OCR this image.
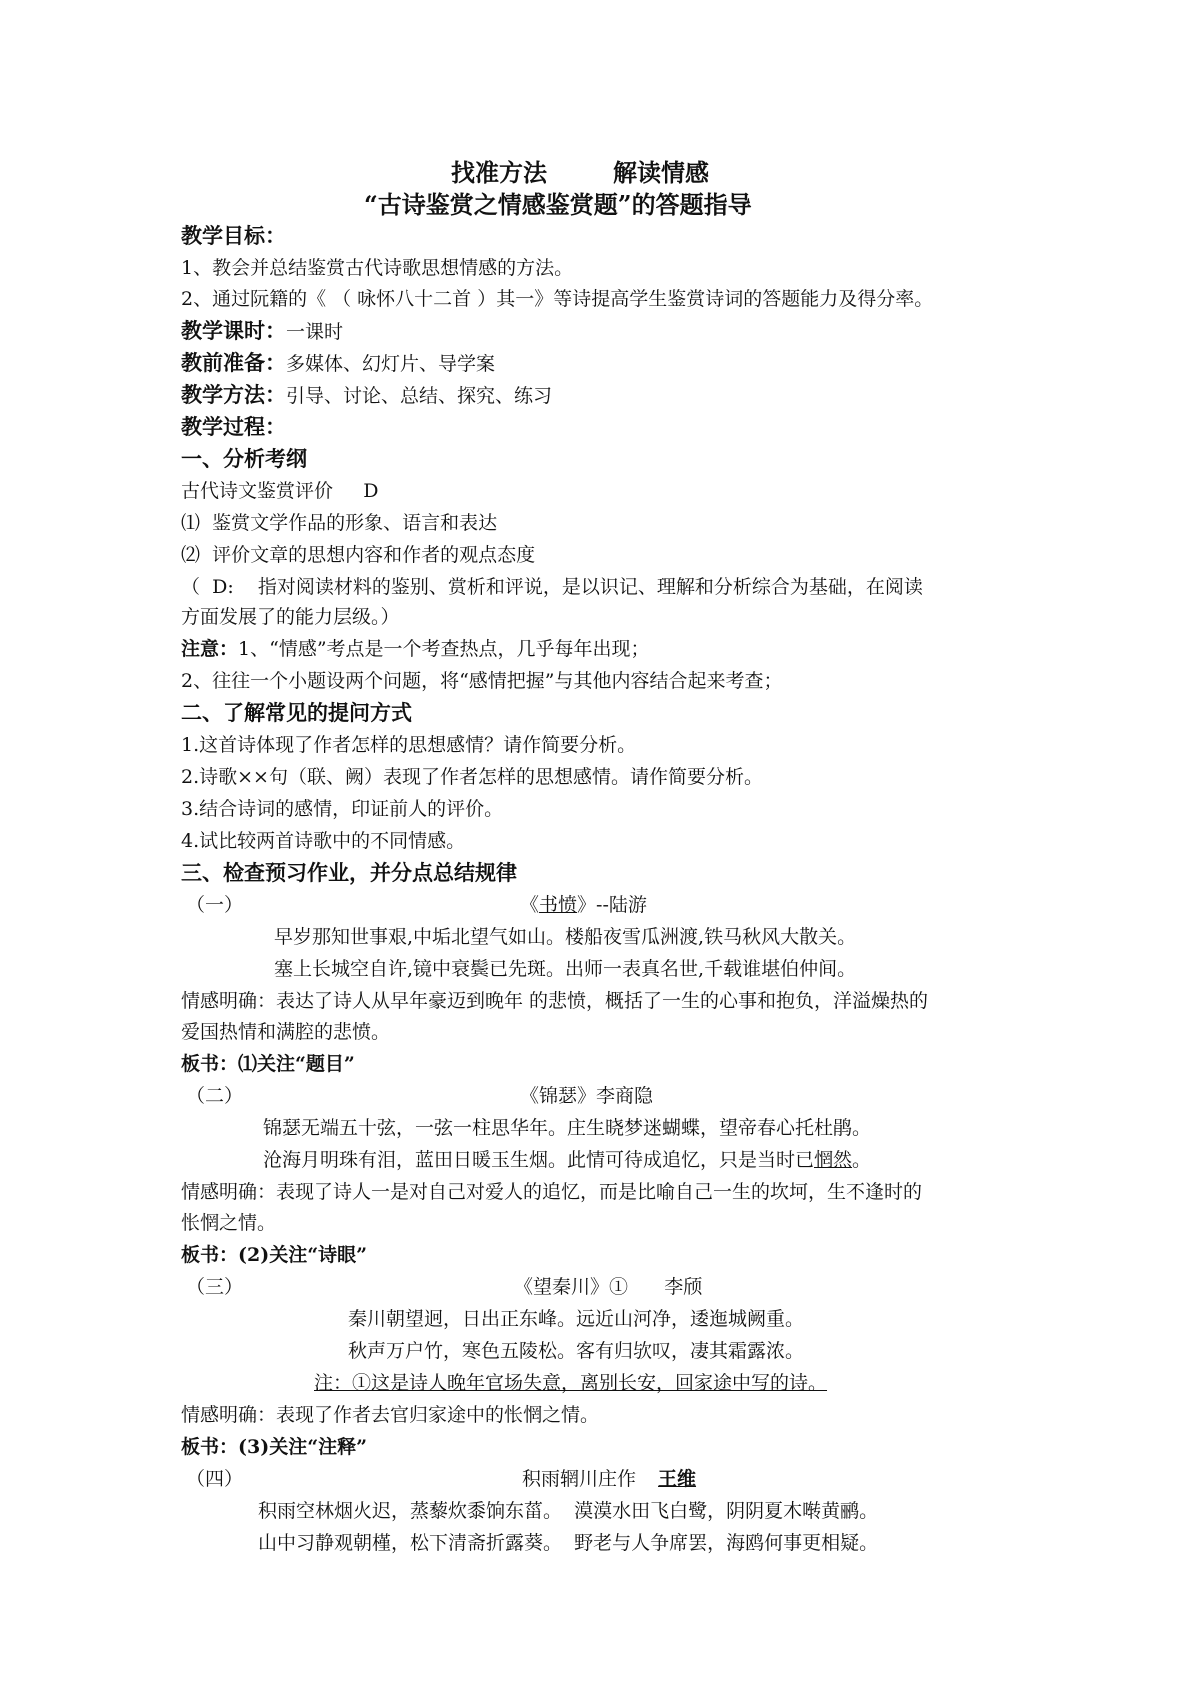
找准方法	解读情感
“古诗鉴赏之情感鉴赏题”的答题指导
教学目标：
1、教会并总结鉴赏古代诗歌思想情感的方法。
2、通过阮籍的《 （ 咏怀八十二首 ）其一》等诗提高学生鉴赏诗词的答题能力及得分率。
教学课时：一课时
教前准备：多媒体、幻灯片、导学案
教学方法：引导、讨论、总结、探究、练习
教学过程：
一、分析考纲
古代诗文鉴赏评价     D
⑴  鉴赏文学作品的形象、语言和表达
⑵  评价文章的思想内容和作者的观点态度
（  D:    指对阅读材料的鉴别、赏析和评说，是以识记、理解和分析综合为基础，在阅读
方面发展了的能力层级。）
注意：1、“情感”考点是一个考查热点，几乎每年出现；
2、往往一个小题设两个问题，将“感情把握”与其他内容结合起来考查；
二、了解常见的提问方式
1.这首诗体现了作者怎样的思想感情？请作简要分析。
2.诗歌××句（联、阙）表现了作者怎样的思想感情。请作简要分析。
3.结合诗词的感情，印证前人的评价。
4.试比较两首诗歌中的不同情感。
三、检查预习作业，并分点总结规律
（一）	《书愤》--陆游
早岁那知世事艰,中垢北望气如山。楼船夜雪瓜洲渡,铁马秋风大散关。
塞上长城空自许,镜中衰鬓已先斑。出师一表真名世,千载谁堪伯仲间。
情感明确：表达了诗人从早年豪迈到晚年 的悲愤，概括了一生的心事和抱负，洋溢燥热的
爱国热情和满腔的悲愤。
板书：⑴关注“题目”
（二）	《锦瑟》李商隐
锦瑟无端五十弦，一弦一柱思华年。庄生晓梦迷蝴蝶，望帝春心托杜鹃。
沧海月明珠有泪，蓝田日暖玉生烟。此情可待成追忆，只是当时已惘然。
情感明确：表现了诗人一是对自己对爱人的追忆，而是比喻自己一生的坎坷，生不逢时的
怅惘之情。
板书：(2)关注“诗眼”
（三）	《望秦川》①      李颀
秦川朝望迥，日出正东峰。远近山河净，逶迤城阙重。
秋声万户竹，寒色五陵松。客有归欤叹，凄其霜露浓。
注：①这是诗人晚年官场失意，离别长安，回家途中写的诗。
情感明确：表现了作者去官归家途中的怅惘之情。
板书：(3)关注“注释”
（四）	积雨辋川庄作 王维
积雨空林烟火迟，蒸藜炊黍饷东菑。  漠漠水田飞白鹭，阴阴夏木啭黄鹂。
山中习静观朝槿，松下清斋折露葵。  野老与人争席罢，海鸥何事更相疑。
